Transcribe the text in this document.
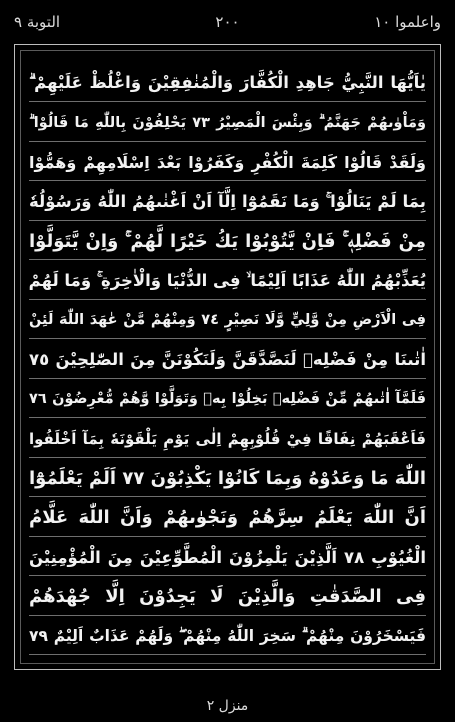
واعلموا ١٠
٢٠٠
التوبة ٩
يٰاَيُّهَا النَّبِيُّ جَاهِدِ الْكُفَّارَ وَالْمُنٰفِقِيْنَ وَاغْلُظْ عَلَيْهِمْ ۗ
وَمَاْوٰىهُمْ جَهَنَّمُ ۗ وَبِئْسَ الْمَصِيْرُ ٧٣ يَحْلِفُوْنَ بِاللّٰهِ مَا قَالُوْا ۗ
وَلَقَدْ قَالُوْا كَلِمَةَ الْكُفْرِ وَكَفَرُوْا بَعْدَ اِسْلَامِهِمْ وَهَمُّوْا
بِمَا لَمْ يَنَالُوْا ۚ وَمَا نَقَمُوْٓا اِلَّآ اَنْ اَغْنٰىهُمُ اللّٰهُ وَرَسُوْلُهٗ
مِنْ فَضْلِهٖ ۚ فَاِنْ يَّتُوْبُوْا يَكُ خَيْرًا لَّهُمْ ۚ وَاِنْ يَّتَوَلَّوْا
يُعَذِّبْهُمُ اللّٰهُ عَذَابًا اَلِيْمًا ۙ فِى الدُّنْيَا وَالْاٰخِرَةِ ۚ وَمَا لَهُمْ
فِى الْاَرْضِ مِنْ وَّلِيٍّ وَّلَا نَصِيْرٍ ٧٤ وَمِنْهُمْ مَّنْ عٰهَدَ اللّٰهَ لَئِنْ
اٰتٰىنَا مِنْ فَضْلِهٖ لَنَصَّدَّقَنَّ وَلَنَكُوْنَنَّ مِنَ الصّٰلِحِيْنَ ٧٥
فَلَمَّآ اٰتٰىهُمْ مِّنْ فَضْلِهٖ بَخِلُوْا بِهٖ وَتَوَلَّوْا وَّهُمْ مُّعْرِضُوْنَ ٧٦
فَاَعْقَبَهُمْ نِفَاقًا فِيْ قُلُوْبِهِمْ اِلٰى يَوْمِ يَلْقَوْنَهٗ بِمَآ اَخْلَفُوا
اللّٰهَ مَا وَعَدُوْهُ وَبِمَا كَانُوْا يَكْذِبُوْنَ ٧٧ اَلَمْ يَعْلَمُوْٓا
اَنَّ اللّٰهَ يَعْلَمُ سِرَّهُمْ وَنَجْوٰىهُمْ وَاَنَّ اللّٰهَ عَلَّامُ
الْغُيُوْبِ ٧٨ اَلَّذِيْنَ يَلْمِزُوْنَ الْمُطَّوِّعِيْنَ مِنَ الْمُؤْمِنِيْنَ
فِى الصَّدَقٰتِ وَالَّذِيْنَ لَا يَجِدُوْنَ اِلَّا جُهْدَهُمْ
فَيَسْخَرُوْنَ مِنْهُمْ ۗ سَخِرَ اللّٰهُ مِنْهُمْ ۖ وَلَهُمْ عَذَابٌ اَلِيْمٌ ٧٩
منزل ٢
